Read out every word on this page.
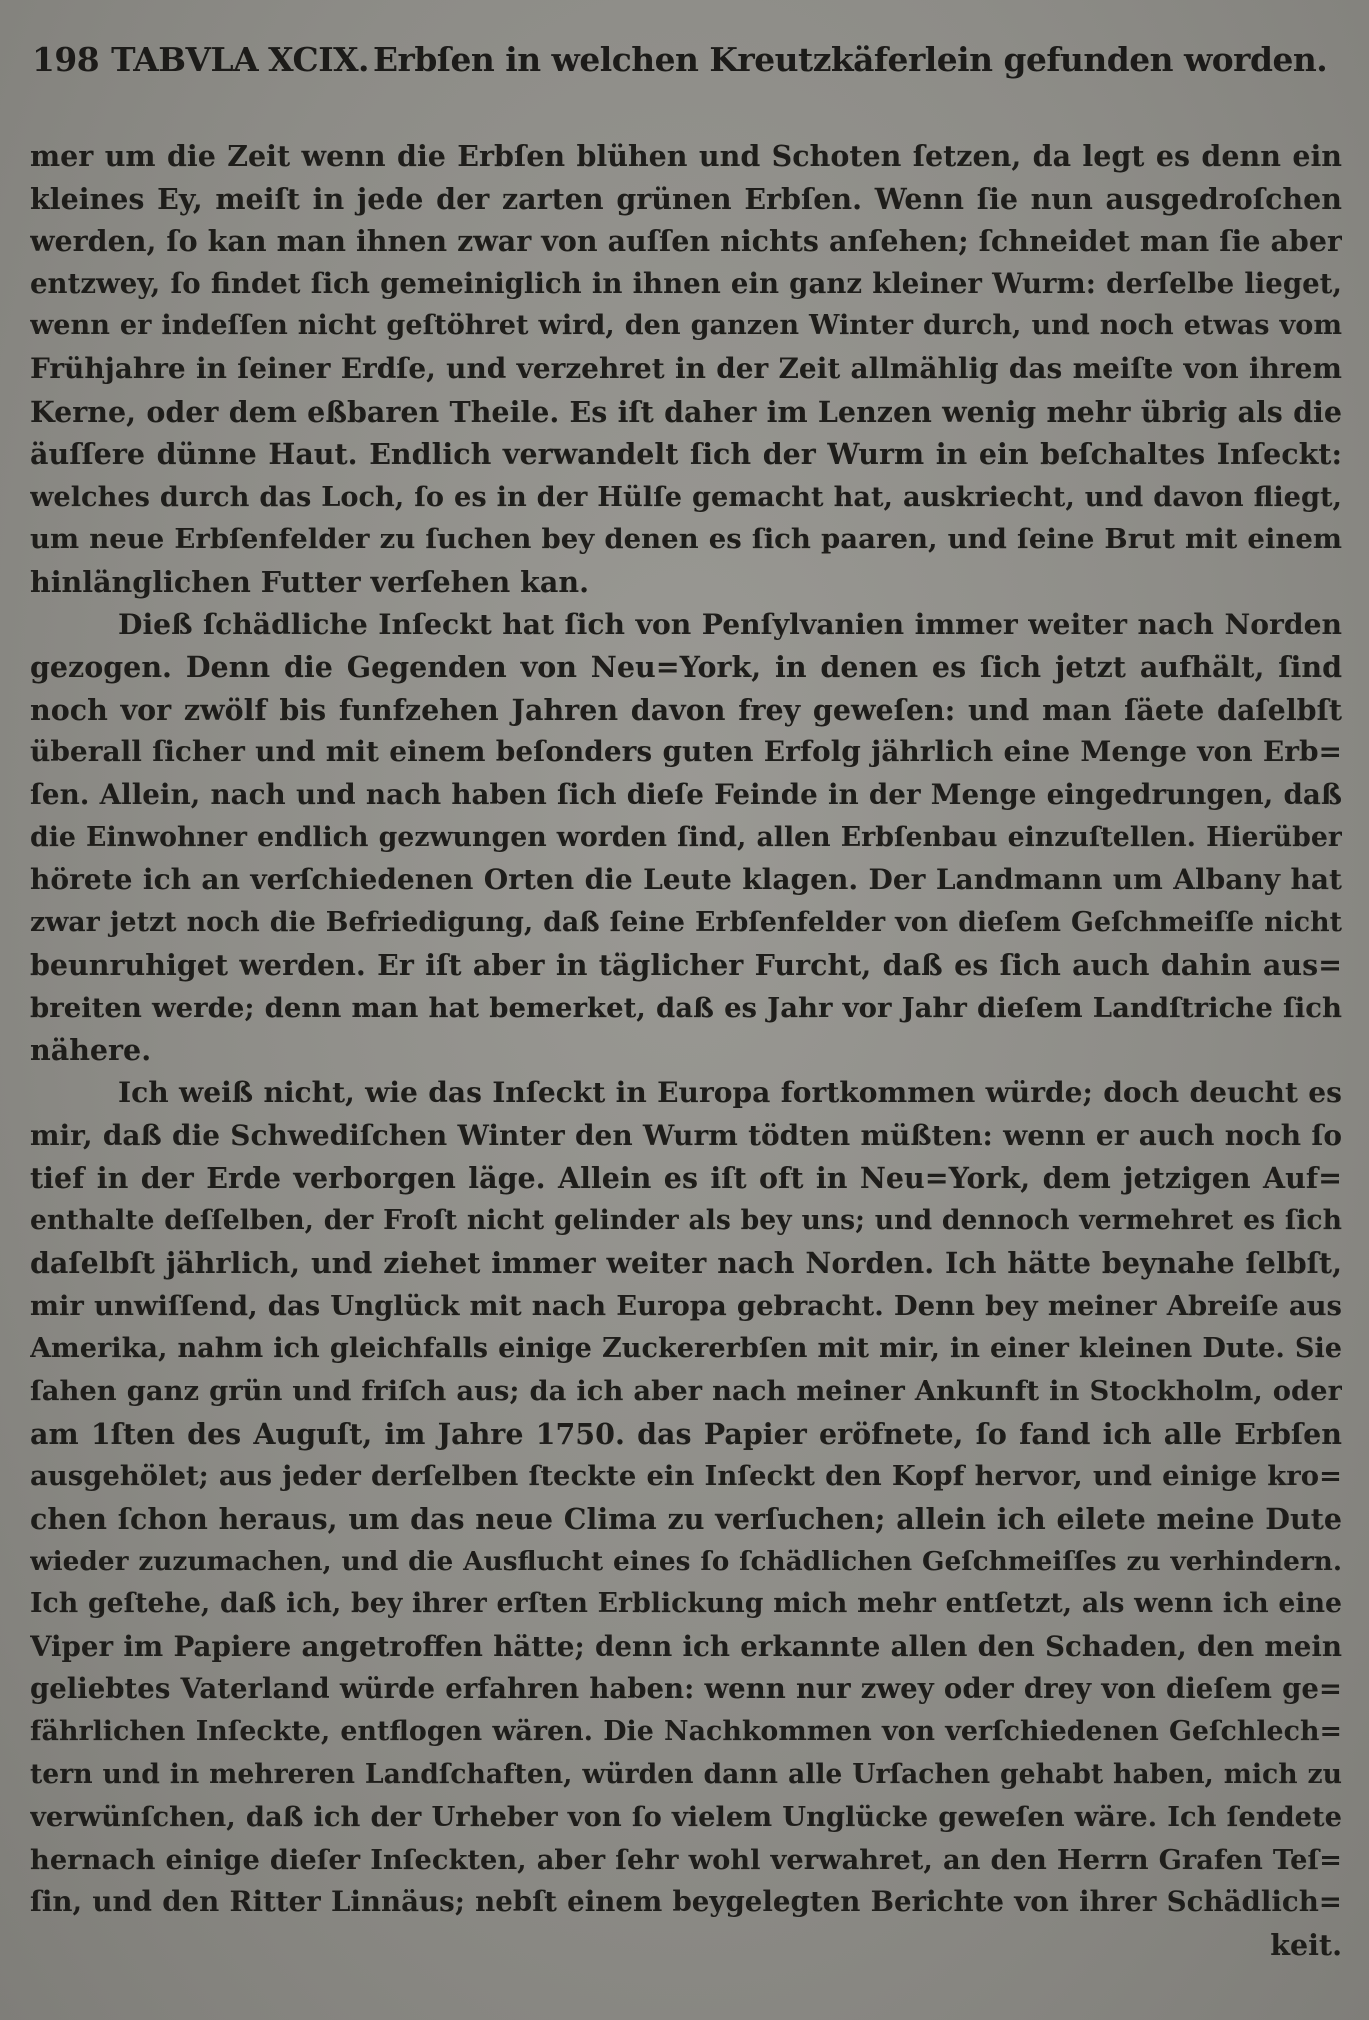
198 TABVLA XCIX. Erbſen in welchen Kreutzkäferlein gefunden worden.
mer um die Zeit wenn die Erbſen blühen und Schoten ſetzen, da legt es denn ein
kleines Ey, meiſt in jede der zarten grünen Erbſen. Wenn ſie nun ausgedroſchen
werden, ſo kan man ihnen zwar von auſſen nichts anſehen; ſchneidet man ſie aber
entzwey, ſo findet ſich gemeiniglich in ihnen ein ganz kleiner Wurm: derſelbe lieget,
wenn er indeſſen nicht geſtöhret wird, den ganzen Winter durch, und noch etwas vom
Frühjahre in ſeiner Erdſe, und verzehret in der Zeit allmählig das meiſte von ihrem
Kerne, oder dem eßbaren Theile. Es iſt daher im Lenzen wenig mehr übrig als die
äuſſere dünne Haut. Endlich verwandelt ſich der Wurm in ein beſchaltes Inſeckt:
welches durch das Loch, ſo es in der Hülſe gemacht hat, auskriecht, und davon fliegt,
um neue Erbſenfelder zu ſuchen bey denen es ſich paaren, und ſeine Brut mit einem
hinlänglichen Futter verſehen kan.
Dieß ſchädliche Inſeckt hat ſich von Penſylvanien immer weiter nach Norden
gezogen. Denn die Gegenden von Neu=York, in denen es ſich jetzt aufhält, ſind
noch vor zwölf bis funfzehen Jahren davon frey geweſen: und man ſäete daſelbſt
überall ſicher und mit einem beſonders guten Erfolg jährlich eine Menge von Erb=
ſen. Allein, nach und nach haben ſich dieſe Feinde in der Menge eingedrungen, daß
die Einwohner endlich gezwungen worden ſind, allen Erbſenbau einzuſtellen. Hierüber
hörete ich an verſchiedenen Orten die Leute klagen. Der Landmann um Albany hat
zwar jetzt noch die Befriedigung, daß ſeine Erbſenfelder von dieſem Geſchmeiſſe nicht
beunruhiget werden. Er iſt aber in täglicher Furcht, daß es ſich auch dahin aus=
breiten werde; denn man hat bemerket, daß es Jahr vor Jahr dieſem Landſtriche ſich
nähere.
Ich weiß nicht, wie das Inſeckt in Europa fortkommen würde; doch deucht es
mir, daß die Schwediſchen Winter den Wurm tödten müßten: wenn er auch noch ſo
tief in der Erde verborgen läge. Allein es iſt oft in Neu=York, dem jetzigen Auf=
enthalte deſſelben, der Froſt nicht gelinder als bey uns; und dennoch vermehret es ſich
daſelbſt jährlich, und ziehet immer weiter nach Norden. Ich hätte beynahe ſelbſt,
mir unwiſſend, das Unglück mit nach Europa gebracht. Denn bey meiner Abreiſe aus
Amerika, nahm ich gleichfalls einige Zuckererbſen mit mir, in einer kleinen Dute. Sie
ſahen ganz grün und friſch aus; da ich aber nach meiner Ankunft in Stockholm, oder
am 1ſten des Auguſt, im Jahre 1750. das Papier eröfnete, ſo fand ich alle Erbſen
ausgehölet; aus jeder derſelben ſteckte ein Inſeckt den Kopf hervor, und einige kro=
chen ſchon heraus, um das neue Clima zu verſuchen; allein ich eilete meine Dute
wieder zuzumachen, und die Ausflucht eines ſo ſchädlichen Geſchmeiſſes zu verhindern.
Ich geſtehe, daß ich, bey ihrer erſten Erblickung mich mehr entſetzt, als wenn ich eine
Viper im Papiere angetroffen hätte; denn ich erkannte allen den Schaden, den mein
geliebtes Vaterland würde erfahren haben: wenn nur zwey oder drey von dieſem ge=
fährlichen Inſeckte, entflogen wären. Die Nachkommen von verſchiedenen Geſchlech=
tern und in mehreren Landſchaften, würden dann alle Urſachen gehabt haben, mich zu
verwünſchen, daß ich der Urheber von ſo vielem Unglücke geweſen wäre. Ich ſendete
hernach einige dieſer Inſeckten, aber ſehr wohl verwahret, an den Herrn Grafen Teſ=
ſin, und den Ritter Linnäus; nebſt einem beygelegten Berichte von ihrer Schädlich=
keit.
